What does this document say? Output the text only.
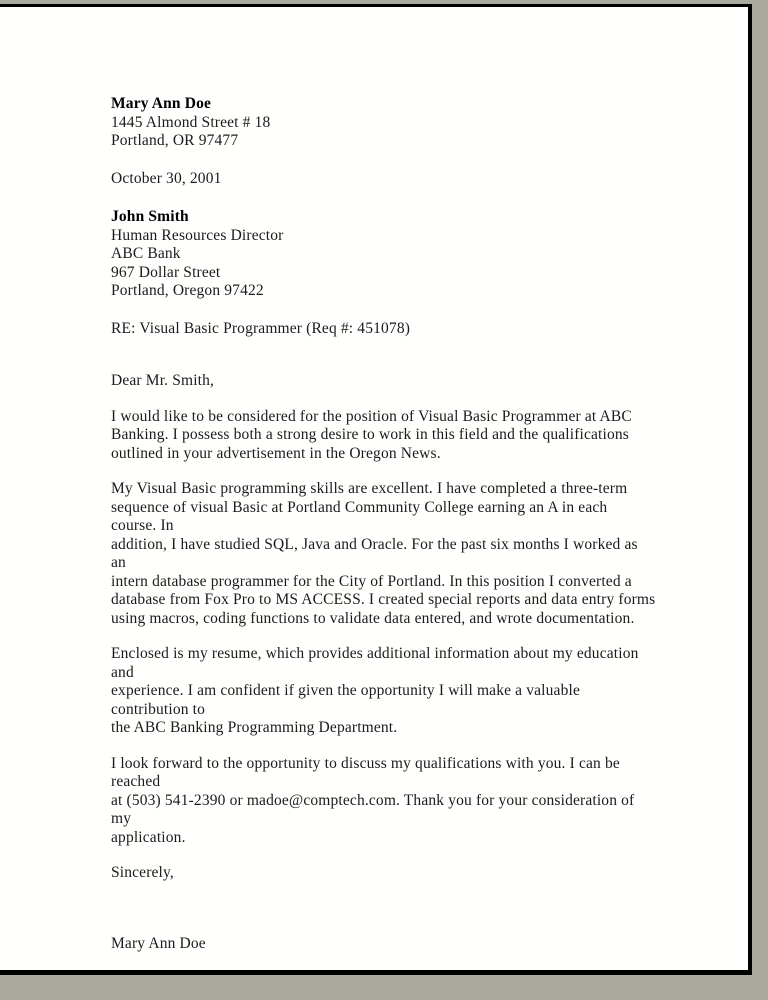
Mary Ann Doe
1445 Almond Street # 18
Portland, OR 97477
October 30, 2001
John Smith
Human Resources Director
ABC Bank
967 Dollar Street
Portland, Oregon 97422
RE: Visual Basic Programmer (Req #: 451078)
Dear Mr. Smith,
I would like to be considered for the position of Visual Basic Programmer at ABC
Banking. I possess both a strong desire to work in this field and the qualifications
outlined in your advertisement in the Oregon News.
My Visual Basic programming skills are excellent. I have completed a three-term
sequence of visual Basic at Portland Community College earning an A in each course. In
addition, I have studied SQL, Java and Oracle. For the past six months I worked as an
intern database programmer for the City of Portland. In this position I converted a
database from Fox Pro to MS ACCESS. I created special reports and data entry forms
using macros, coding functions to validate data entered, and wrote documentation.
Enclosed is my resume, which provides additional information about my education and
experience. I am confident if given the opportunity I will make a valuable contribution to
the ABC Banking Programming Department.
I look forward to the opportunity to discuss my qualifications with you. I can be reached
at (503) 541-2390 or madoe@comptech.com. Thank you for your consideration of my
application.
Sincerely,
Mary Ann Doe
